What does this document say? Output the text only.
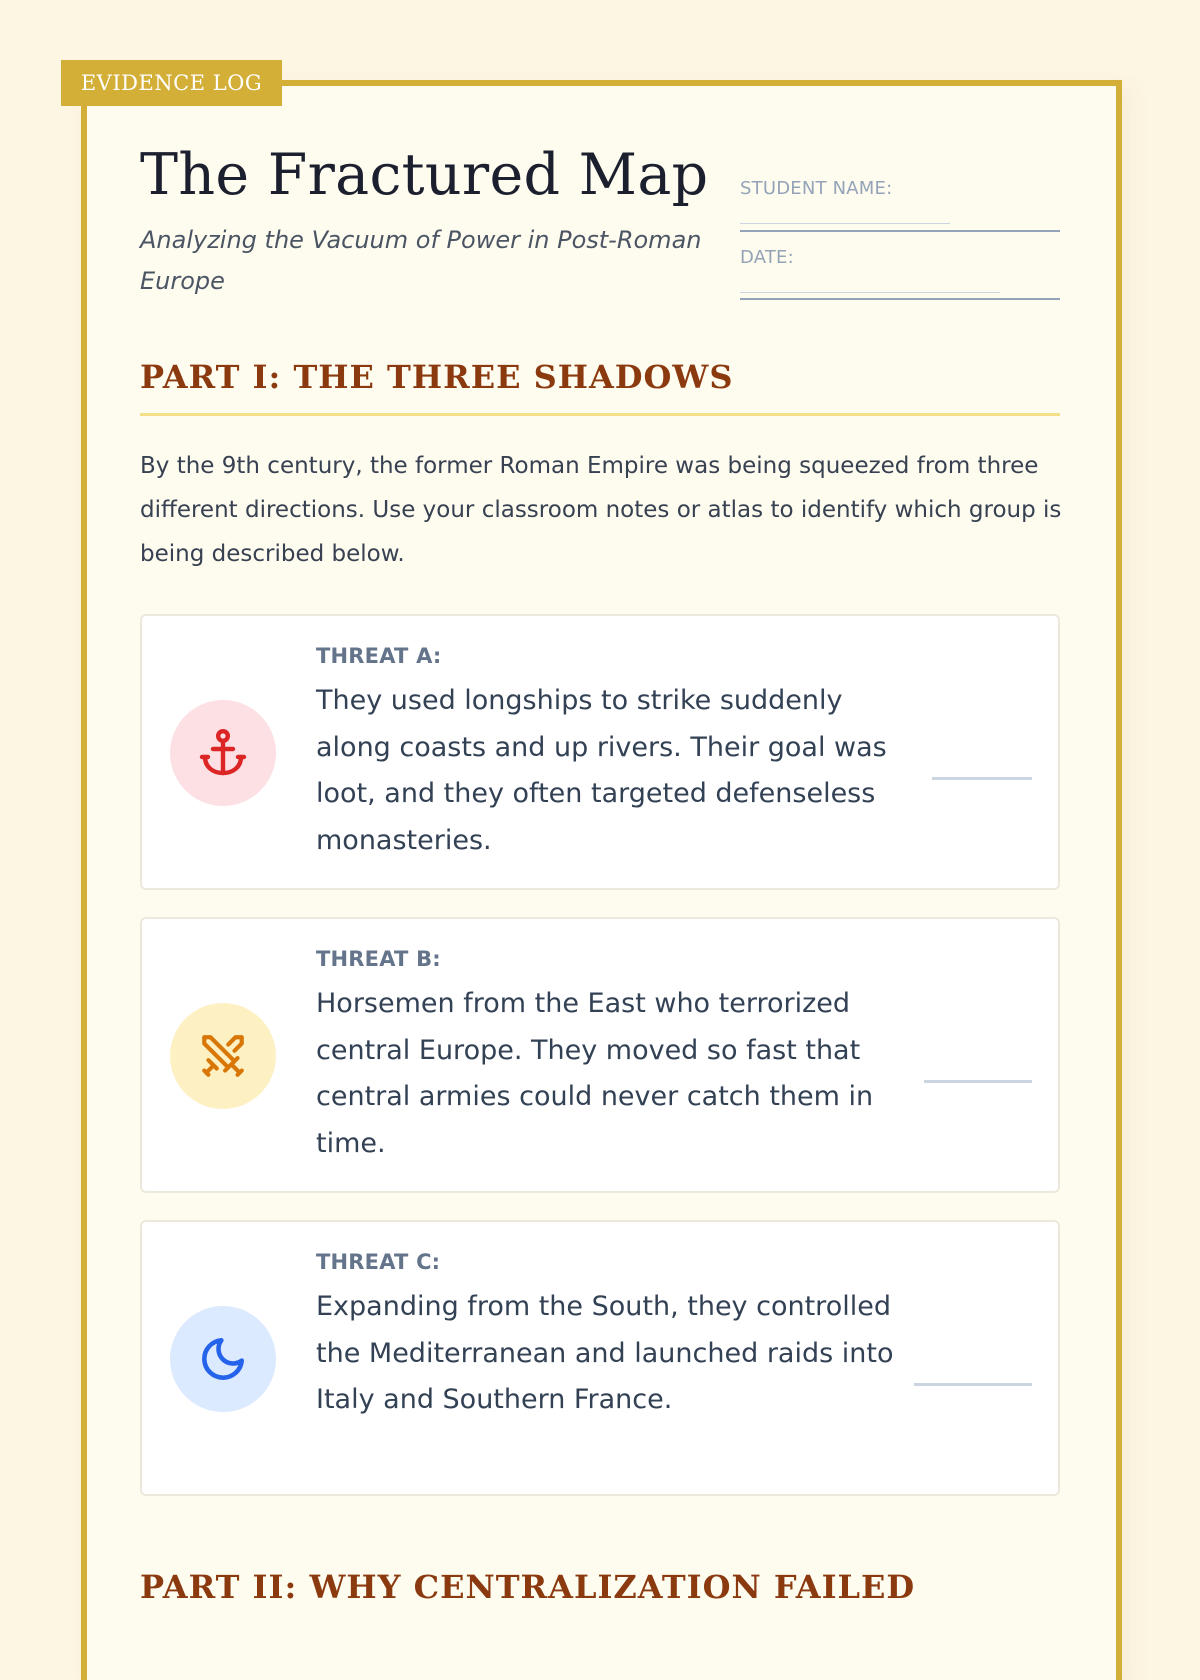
EVIDENCE LOG
The Fractured Map
Analyzing the Vacuum of Power in Post-Roman Europe
STUDENT NAME:
DATE:
PART I: THE THREE SHADOWS

By the 9th century, the former Roman Empire was being squeezed from three different directions. Use your classroom notes or atlas to identify which group is being described below.

THREAT A:
They used longships to strike suddenly along coasts and up rivers. Their goal was loot, and they often targeted defenseless monasteries.
THREAT B:
Horsemen from the East who terrorized central Europe. They moved so fast that central armies could never catch them in time.
THREAT C:
Expanding from the South, they controlled the Mediterranean and launched raids into Italy and Southern France.
PART II: WHY CENTRALIZATION FAILED
